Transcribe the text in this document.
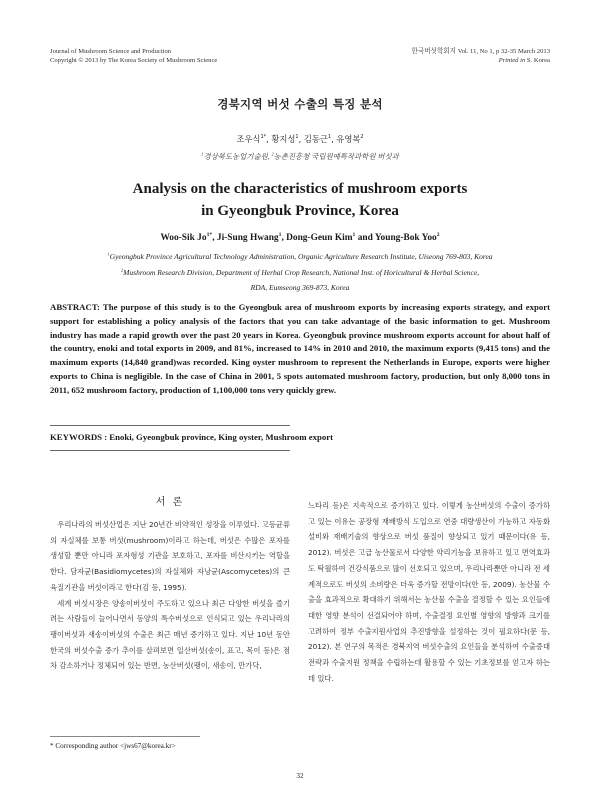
Journal of Mushroom Science and Production
Copyright © 2013 by The Korea Society of Mushroom Science
한국버섯학회지 Vol. 11, No 1, p 32-35 March 2013
Printed in S. Korea
경북지역 버섯 수출의 특징 분석
조우식$^{1*}$, 황지성$^1$, 김동근$^1$, 유영복$^2$
$^1$경상북도농업기술원, $^2$농촌진흥청 국립원예특작과학원 버섯과
Analysis on the characteristics of mushroom exports
in Gyeongbuk Province, Korea
Woo-Sik $Jo^{1*}$, Ji-Sung Hwang$^1$, Dong-Geun Kim$^1$ and Young-Bok Yoo$^2$
$^1$Gyeongbuk Province Agricultural Technology Administration, Organic Agriculture Research Institute, Uiseong 769-803, Korea
$^2$Mushroom Research Division, Department of Herbal Crop Research, National Inst. of Horicultural & Herbal Science,
RDA, Eumseong 369-873, Korea
ABSTRACT: The purpose of this study is to the Gyeongbuk area of mushroom exports by increasing exports strategy, and export support for establishing a policy analysis of the factors that you can take advantage of the basic information to get. Mushroom industry has made a rapid growth over the past 20 years in Korea. Gyeongbuk province mushroom exports account for about half of the country, enoki and total exports in 2009, and 81%, increased to 14% in 2010 and 2010, the maximum exports (9,415 tons) and the maximum exports (14,840 grand)was recorded. King oyster mushroom to represent the Netherlands in Europe, exports were higher exports to China is negligible. In the case of China in 2001, 5 spots automated mushroom factory, production, but only 8,000 tons in 2011, 652 mushroom factory, production of 1,100,000 tons very quickly grew.
KEYWORDS : Enoki, Gyeongbuk province, King oyster, Mushroom export
서 론

우리나라의 버섯산업은 지난 20년간 비약적인 성장을 이루었다. 고등균류의 자실체를 보통 버섯(mushroom)이라고 하는데, 버섯은 수많은 포자를 생성할 뿐만 아니라 포자형성 기관을 보호하고, 포자를 비산시키는 역할을 한다. 담자균(Basidiomycetes)의 자실체와 자낭균(Ascomycetes)의 큰 육질기관을 버섯이라고 한다(김 등, 1995).

세계 버섯시장은 양송이버섯이 주도하고 있으나 최근 다양한 버섯을 즐기려는 사람들이 늘어나면서 동양의 특수버섯으로 인식되고 있는 우리나라의 팽이버섯과 새송이버섯의 수출은 최근 매년 증가하고 있다. 지난 10년 동안 한국의 버섯수출 증가 추이를 살펴보면 일산버섯(송이, 표고, 목이 등)은 점차 감소하거나 정체되어 있는 반면, 농산버섯(팽이, 새송이, 만가닥,

느타리 등)은 지속적으로 증가하고 있다. 이렇게 농산버섯의 수출이 증가하고 있는 이유는 공장형 재배방식 도입으로 연중 대량생산이 가능하고 자동화 설비와 재배기술의 향상으로 버섯 품질이 향상되고 있기 때문이다(유 등, 2012). 버섯은 고급 농산물로서 다양한 약리기능을 보유하고 있고 면역효과도 탁월하여 건강식품으로 많이 선호되고 있으며, 우리나라뿐만 아니라 전 세계적으로도 버섯의 소비량은 더욱 증가할 전망이다(안 등, 2009). 농산물 수출을 효과적으로 확대하기 위해서는 농산물 수출을 결정할 수 있는 요인들에 대한 영향 분석이 선결되어야 하며, 수출결정 요인별 영향의 방향과 크기를 고려하여 정부 수출지원사업의 추진방향을 설정하는 것이 필요하다(문 등, 2012). 본 연구의 목적은 경북지역 버섯수출의 요인들을 분석하여 수출증대 전략과 수출지원 정책을 수립하는데 활용할 수 있는 기초정보를 얻고자 하는데 있다.

* Corresponding author <jws67@korea.kr>
32
